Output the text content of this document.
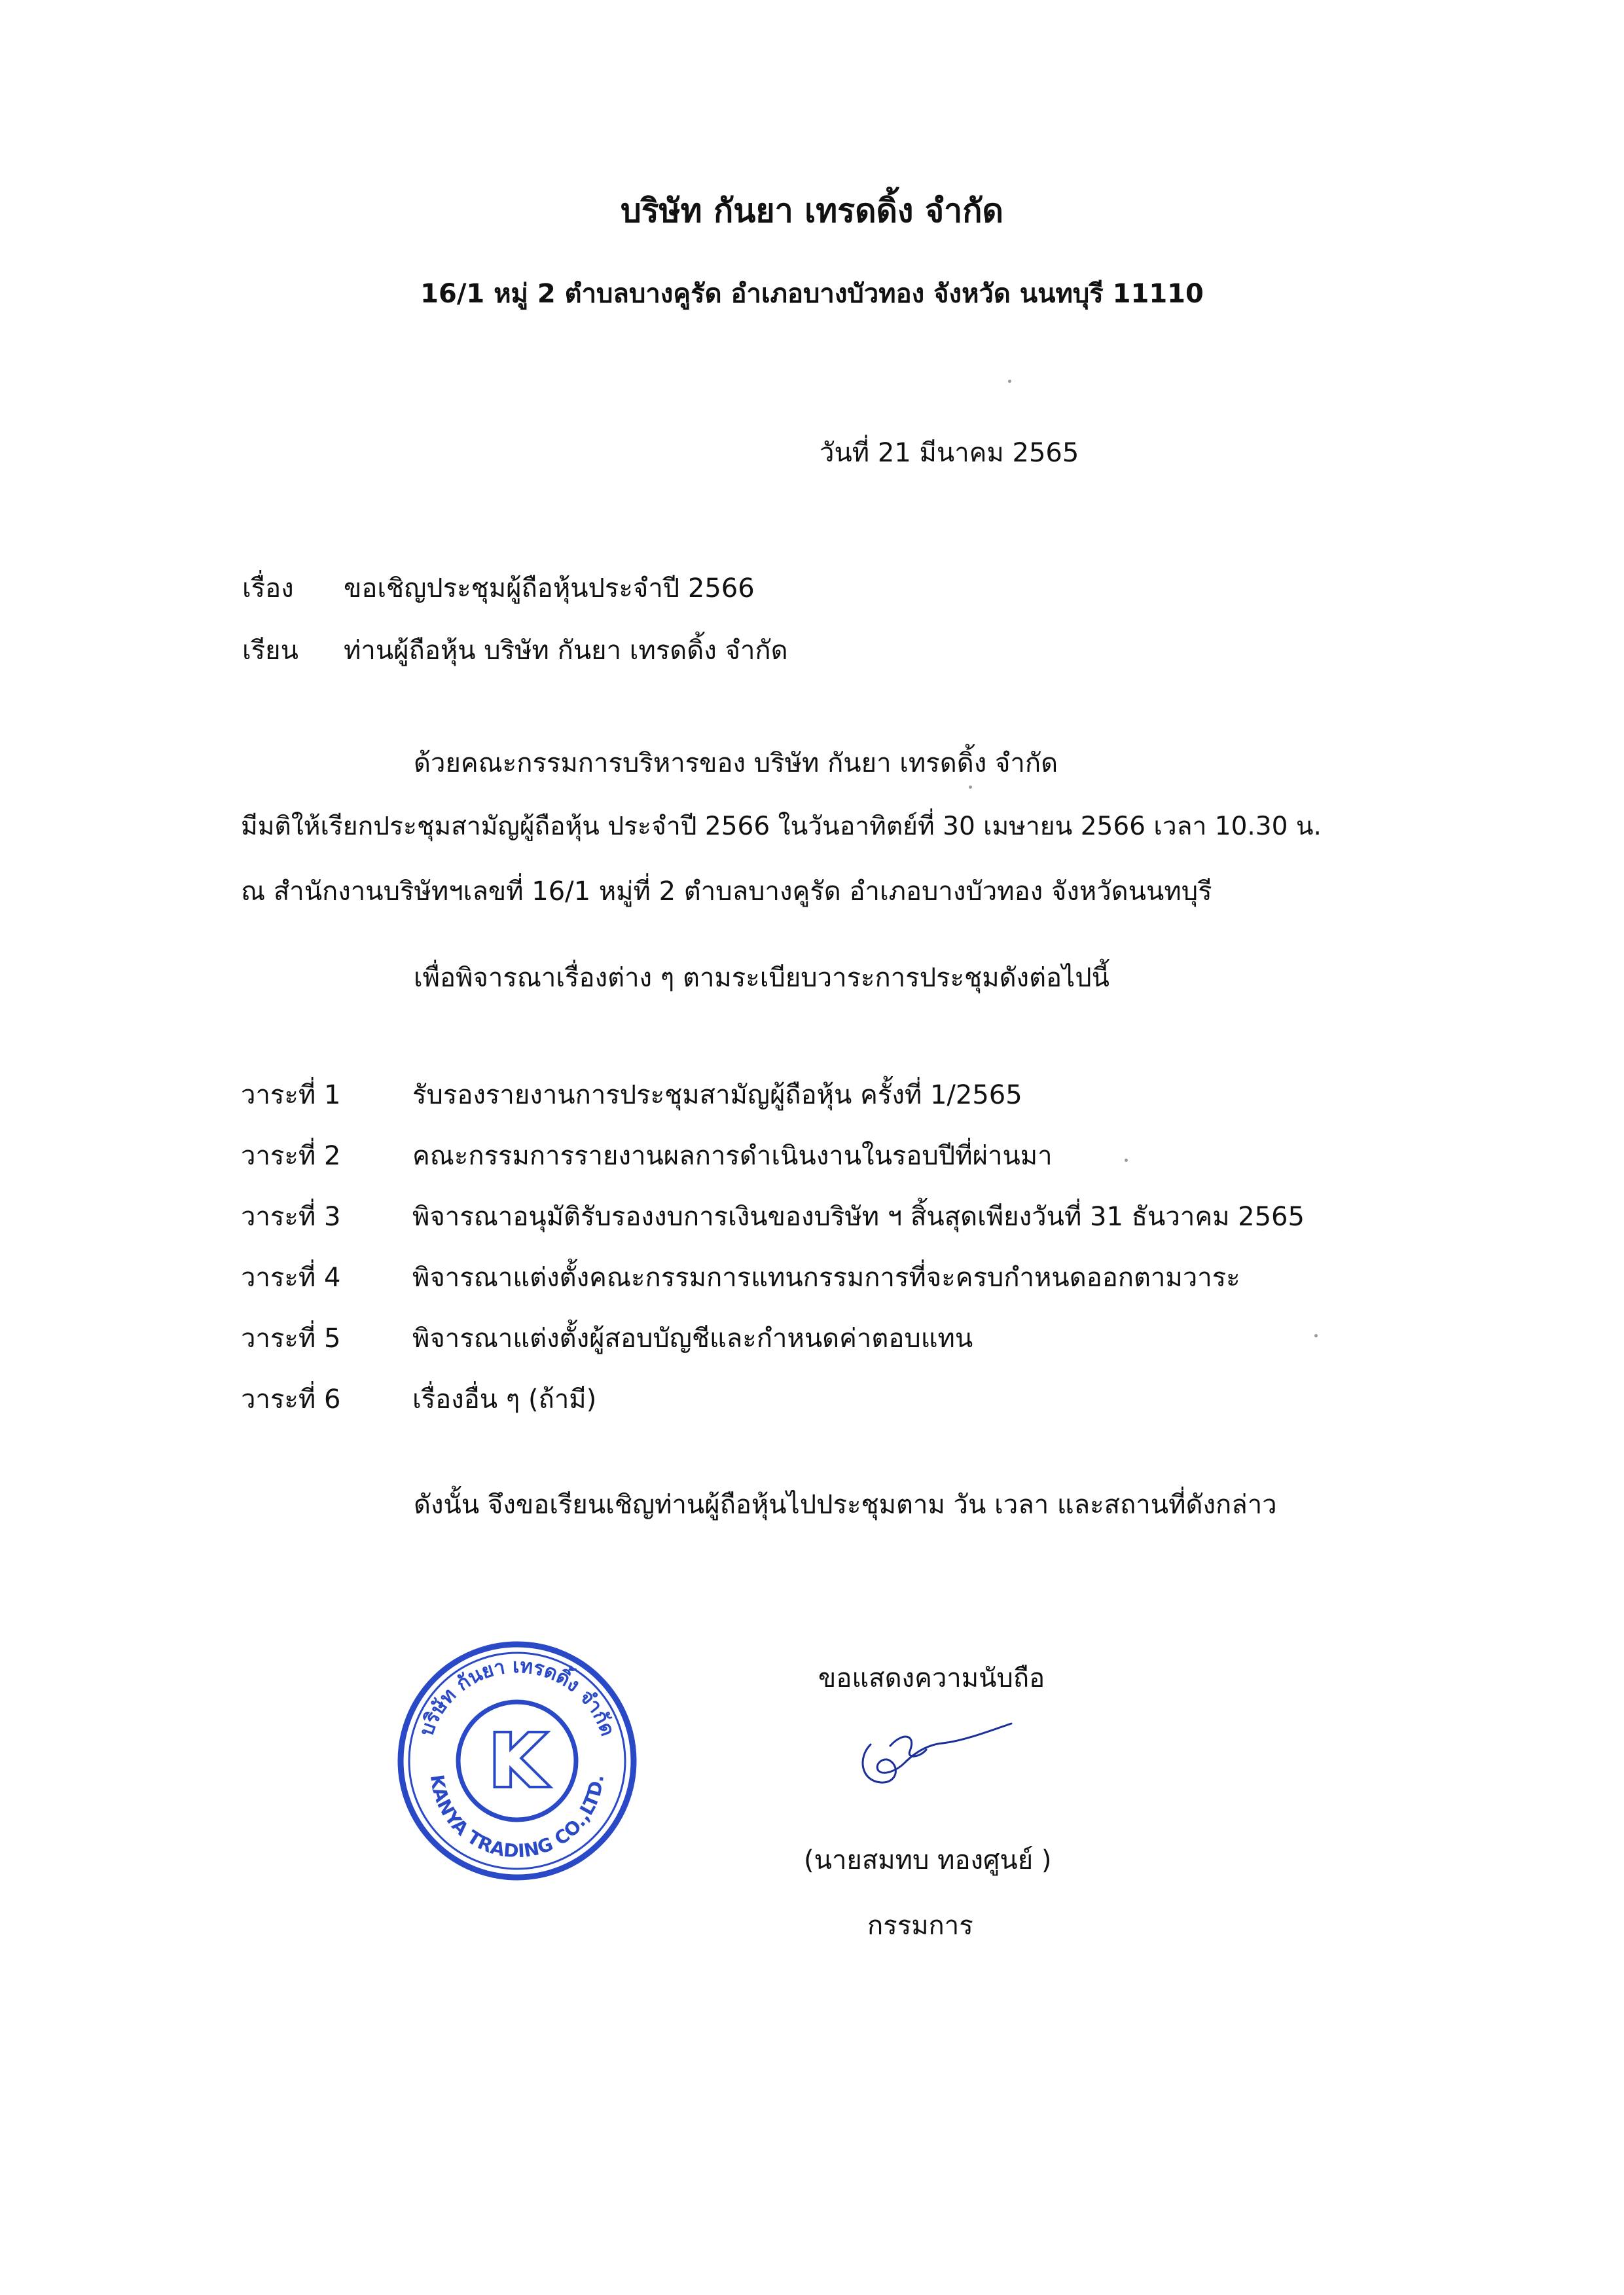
บริษัท กันยา เทรดดิ้ง จำกัด
16/1 หมู่ 2 ตำบลบางคูรัด อำเภอบางบัวทอง จังหวัด นนทบุรี 11110
วันที่ 21 มีนาคม 2565
เรื่อง ขอเชิญประชุมผู้ถือหุ้นประจำปี 2566
เรียน ท่านผู้ถือหุ้น บริษัท กันยา เทรดดิ้ง จำกัด
ด้วยคณะกรรมการบริหารของ บริษัท กันยา เทรดดิ้ง จำกัด
มีมติให้เรียกประชุมสามัญผู้ถือหุ้น ประจำปี 2566 ในวันอาทิตย์ที่ 30 เมษายน 2566 เวลา 10.30 น.
ณ สำนักงานบริษัทฯเลขที่ 16/1 หมู่ที่ 2 ตำบลบางคูรัด อำเภอบางบัวทอง จังหวัดนนทบุรี
เพื่อพิจารณาเรื่องต่าง ๆ ตามระเบียบวาระการประชุมดังต่อไปนี้
วาระที่ 1	รับรองรายงานการประชุมสามัญผู้ถือหุ้น ครั้งที่ 1/2565
วาระที่ 2	คณะกรรมการรายงานผลการดำเนินงานในรอบปีที่ผ่านมา
วาระที่ 3	พิจารณาอนุมัติรับรองงบการเงินของบริษัท ฯ สิ้นสุดเพียงวันที่ 31 ธันวาคม 2565
วาระที่ 4	พิจารณาแต่งตั้งคณะกรรมการแทนกรรมการที่จะครบกำหนดออกตามวาระ
วาระที่ 5	พิจารณาแต่งตั้งผู้สอบบัญชีและกำหนดค่าตอบแทน
วาระที่ 6	เรื่องอื่น ๆ (ถ้ามี)
ดังนั้น จึงขอเรียนเชิญท่านผู้ถือหุ้นไปประชุมตาม วัน เวลา และสถานที่ดังกล่าว
บริษัท กันยา เทรดดิ้ง จำกัด
KANYA TRADING CO.,LTD.
K
ขอแสดงความนับถือ
(นายสมทบ ทองศูนย์ )
กรรมการ
